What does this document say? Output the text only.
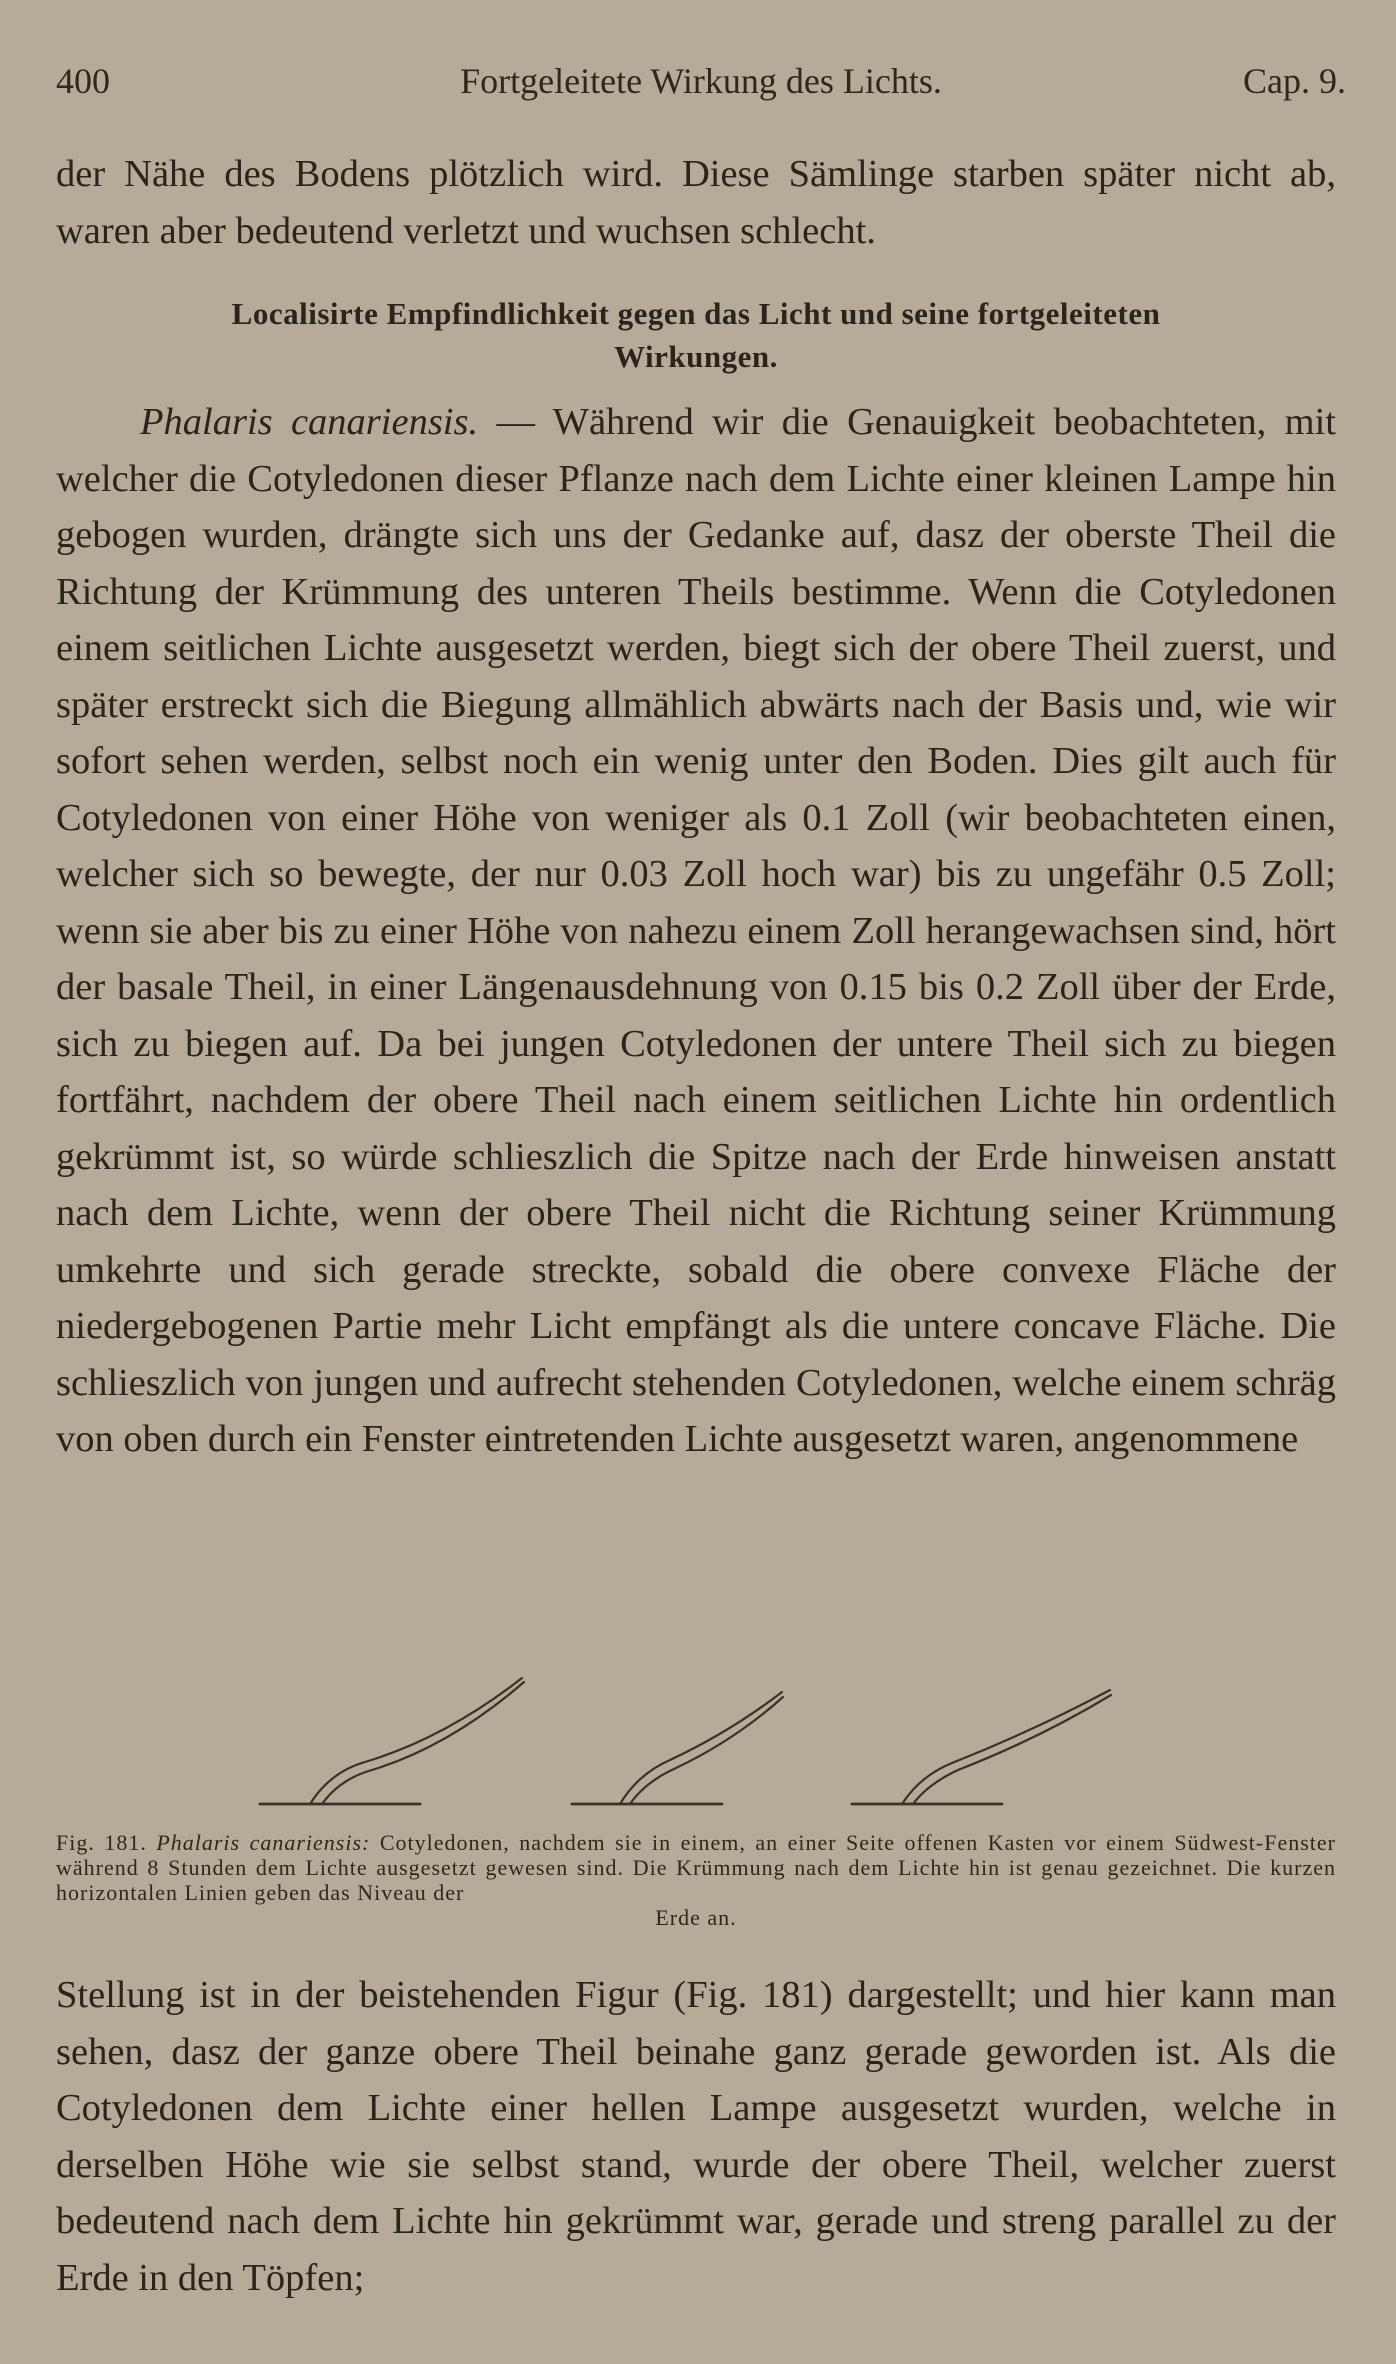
400	Fortgeleitete Wirkung des Lichts.	Cap. 9.

der Nähe des Bodens plötzlich wird. Diese Sämlinge starben später nicht ab, waren aber bedeutend verletzt und wuchsen schlecht.

Localisirte Empfindlichkeit gegen das Licht und seine fortgeleiteten
Wirkungen.

Phalaris canariensis. — Während wir die Genauigkeit beobachteten, mit welcher die Cotyledonen dieser Pflanze nach dem Lichte einer kleinen Lampe hin gebogen wurden, drängte sich uns der Gedanke auf, dasz der oberste Theil die Richtung der Krümmung des unteren Theils bestimme. Wenn die Cotyledonen einem seitlichen Lichte ausgesetzt werden, biegt sich der obere Theil zuerst, und später erstreckt sich die Biegung allmählich abwärts nach der Basis und, wie wir sofort sehen werden, selbst noch ein wenig unter den Boden. Dies gilt auch für Cotyledonen von einer Höhe von weniger als 0.1 Zoll (wir beobachteten einen, welcher sich so bewegte, der nur 0.03 Zoll hoch war) bis zu ungefähr 0.5 Zoll; wenn sie aber bis zu einer Höhe von nahezu einem Zoll herangewachsen sind, hört der basale Theil, in einer Längenausdehnung von 0.15 bis 0.2 Zoll über der Erde, sich zu biegen auf. Da bei jungen Cotyledonen der untere Theil sich zu biegen fortfährt, nachdem der obere Theil nach einem seitlichen Lichte hin ordentlich gekrümmt ist, so würde schlieszlich die Spitze nach der Erde hinweisen anstatt nach dem Lichte, wenn der obere Theil nicht die Richtung seiner Krümmung umkehrte und sich gerade streckte, sobald die obere convexe Fläche der niedergebogenen Partie mehr Licht empfängt als die untere concave Fläche. Die schlieszlich von jungen und aufrecht stehenden Cotyledonen, welche einem schräg von oben durch ein Fenster eintretenden Lichte ausgesetzt waren, angenommene

Fig. 181. Phalaris canariensis: Cotyledonen, nachdem sie in einem, an einer Seite offenen Kasten vor einem Südwest-Fenster während 8 Stunden dem Lichte ausgesetzt gewesen sind. Die Krümmung nach dem Lichte hin ist genau gezeichnet. Die kurzen horizontalen Linien geben das Niveau der
Erde an.

Stellung ist in der beistehenden Figur (Fig. 181) dargestellt; und hier kann man sehen, dasz der ganze obere Theil beinahe ganz gerade geworden ist. Als die Cotyledonen dem Lichte einer hellen Lampe ausgesetzt wurden, welche in derselben Höhe wie sie selbst stand, wurde der obere Theil, welcher zuerst bedeutend nach dem Lichte hin gekrümmt war, gerade und streng parallel zu der Erde in den Töpfen;
